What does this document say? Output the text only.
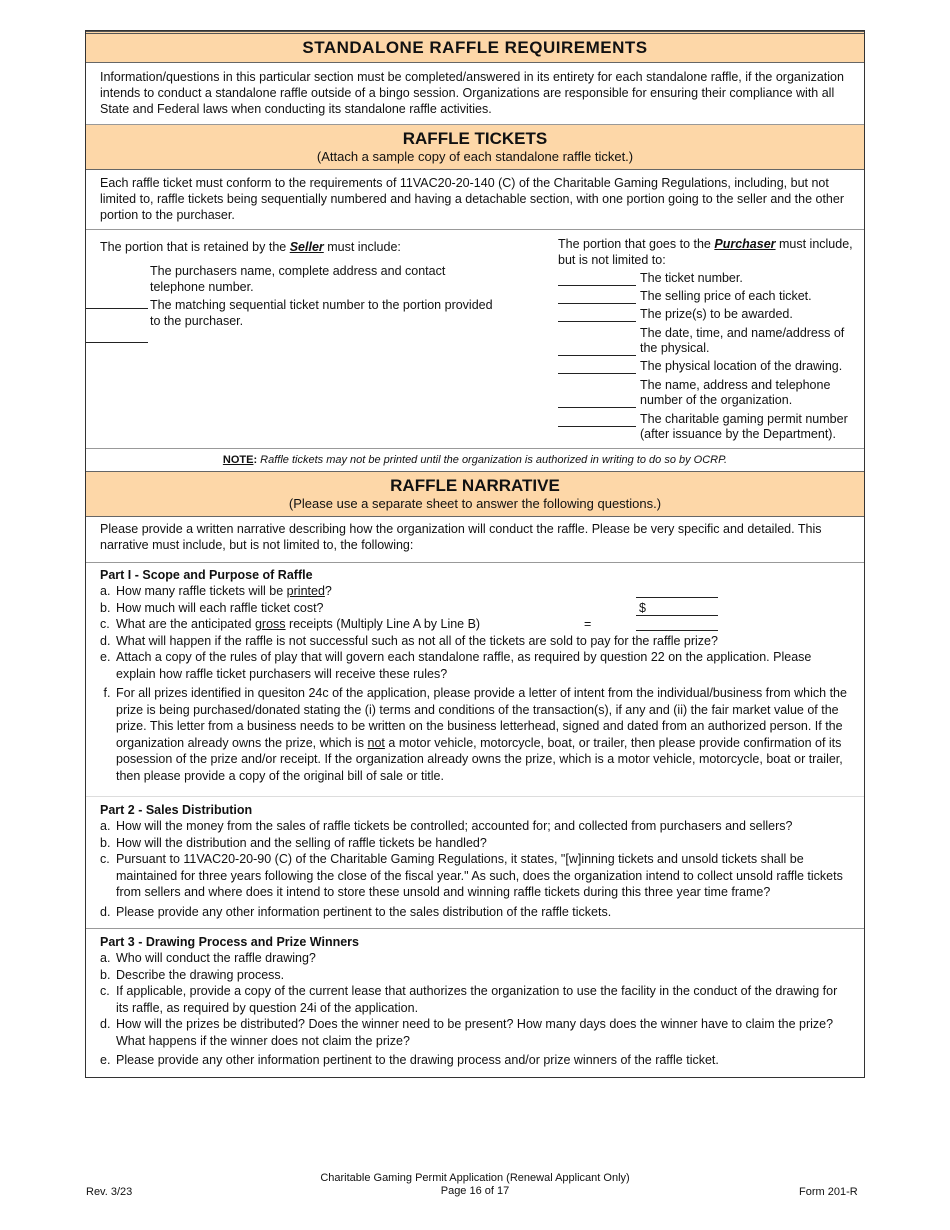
STANDALONE RAFFLE REQUIREMENTS

Information/questions in this particular section must be completed/answered in its entirety for each standalone raffle, if the organization intends to conduct a standalone raffle outside of a bingo session. Organizations are responsible for ensuring their compliance with all State and Federal laws when conducting its standalone raffle activities.

RAFFLE TICKETS
(Attach a sample copy of each standalone raffle ticket.)

Each raffle ticket must conform to the requirements of 11VAC20-20-140 (C) of the Charitable Gaming Regulations, including, but not limited to, raffle tickets being sequentially numbered and having a detachable section, with one portion going to the seller and the other portion to the purchaser.

The portion that is retained by the Seller must include:

The purchasers name, complete address and contact telephone number.
The matching sequential ticket number to the portion provided to the purchaser.

The portion that goes to the Purchaser must include, but is not limited to:

The ticket number.
The selling price of each ticket.
The prize(s) to be awarded.
The date, time, and name/address of the physical.
The physical location of the drawing.
The name, address and telephone number of the organization.
The charitable gaming permit number (after issuance by the Department).
NOTE: Raffle tickets may not be printed until the organization is authorized in writing to do so by OCRP.
RAFFLE NARRATIVE
(Please use a separate sheet to answer the following questions.)

Please provide a written narrative describing how the organization will conduct the raffle. Please be very specific and detailed. This narrative must include, but is not limited to, the following:

Part I - Scope and Purpose of Raffle
a. How many raffle tickets will be printed?
b. How much will each raffle ticket cost?	$
c. What are the anticipated gross receipts (Multiply Line A by Line B)	=
d. What will happen if the raffle is not successful such as not all of the tickets are sold to pay for the raffle prize?
e. Attach a copy of the rules of play that will govern each standalone raffle, as required by question 22 on the application. Please explain how raffle ticket purchasers will receive these rules?
f. For all prizes identified in quesiton 24c of the application, please provide a letter of intent from the individual/business from which the prize is being purchased/donated stating the (i) terms and conditions of the transaction(s), if any and (ii) the fair market value of the prize. This letter from a business needs to be written on the business letterhead, signed and dated from an authorized person. If the organization already owns the prize, which is not a motor vehicle, motorcycle, boat, or trailer, then please provide confirmation of its posession of the prize and/or receipt. If the organization already owns the prize, which is a motor vehicle, motorcycle, boat or trailer, then please provide a copy of the original bill of sale or title.
Part 2 - Sales Distribution
a. How will the money from the sales of raffle tickets be controlled; accounted for; and collected from purchasers and sellers?
b. How will the distribution and the selling of raffle tickets be handled?
c. Pursuant to 11VAC20-20-90 (C) of the Charitable Gaming Regulations, it states, "[w]inning tickets and unsold tickets shall be maintained for three years following the close of the fiscal year." As such, does the organization intend to collect unsold raffle tickets from sellers and where does it intend to store these unsold and winning raffle tickets during this three year time frame?
d. Please provide any other information pertinent to the sales distribution of the raffle tickets.
Part 3 - Drawing Process and Prize Winners
a. Who will conduct the raffle drawing?
b. Describe the drawing process.
c. If applicable, provide a copy of the current lease that authorizes the organization to use the facility in the conduct of the drawing for its raffle, as required by question 24i of the application.
d. How will the prizes be distributed? Does the winner need to be present? How many days does the winner have to claim the prize? What happens if the winner does not claim the prize?
e. Please provide any other information pertinent to the drawing process and/or prize winners of the raffle ticket.
Rev. 3/23
Charitable Gaming Permit Application (Renewal Applicant Only)
Page 16 of 17	Form 201-R
